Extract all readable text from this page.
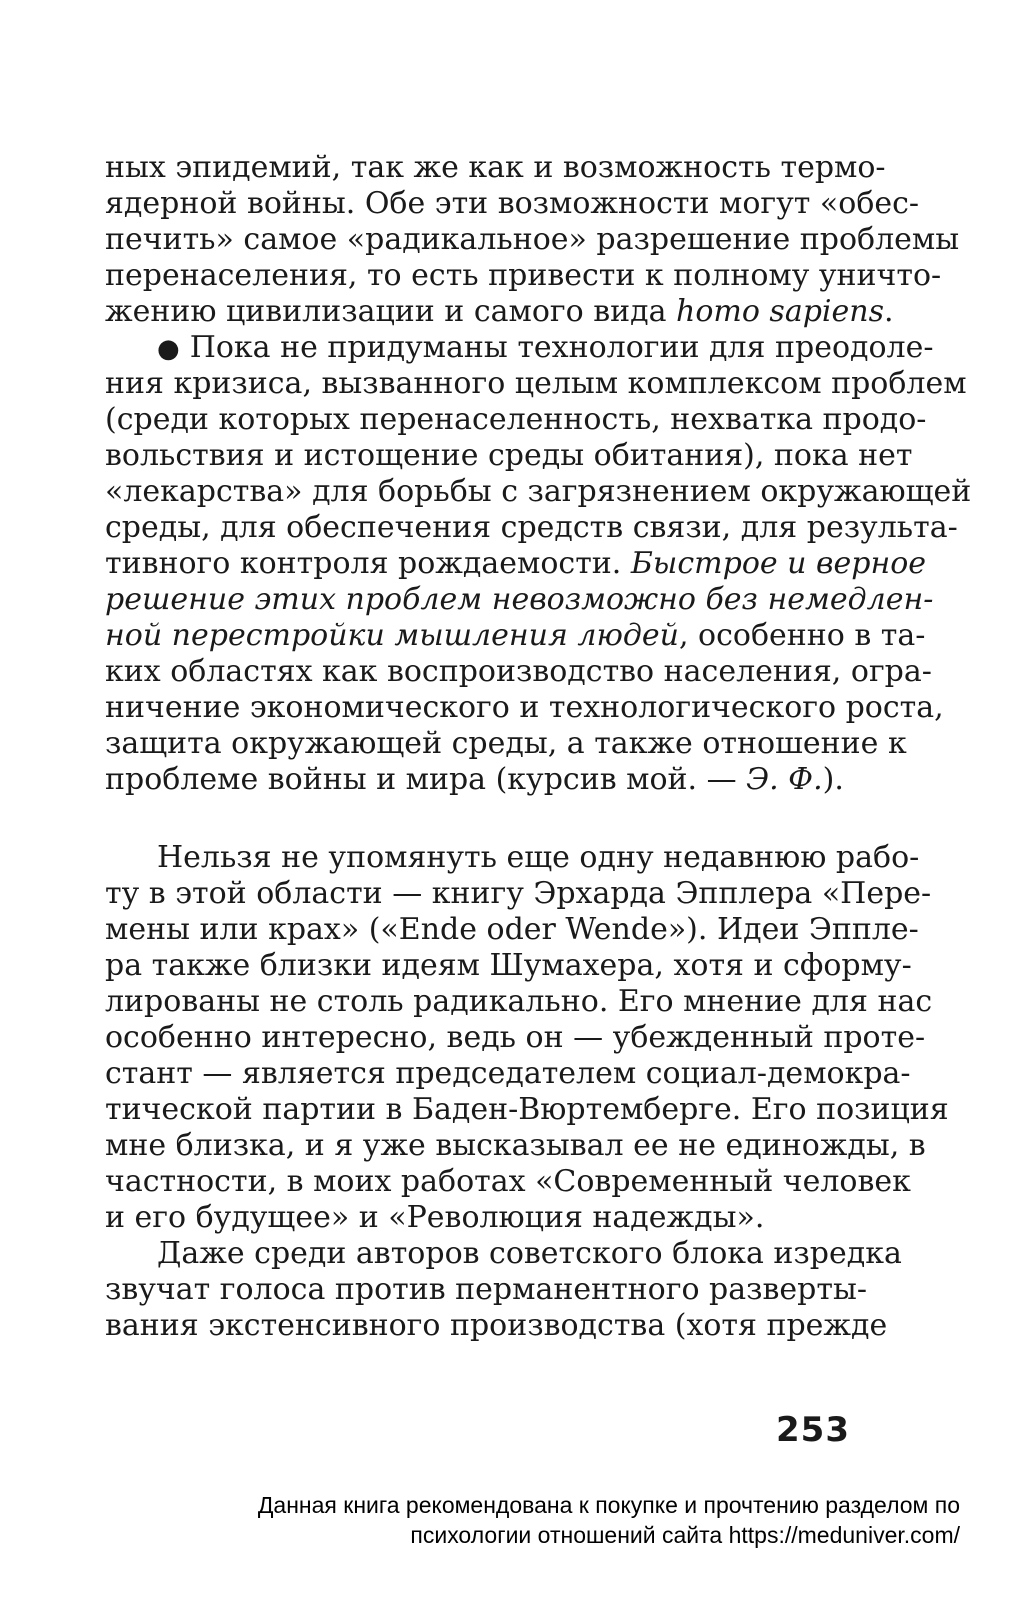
ных эпидемий, так же как и возможность термо-
ядерной войны. Обе эти возможности могут «обес-
печить» самое «радикальное» разрешение проблемы
перенаселения, то есть привести к полному уничто-
жению цивилизации и самого вида homo sapiens.
● Пока не придуманы технологии для преодоле-
ния кризиса, вызванного целым комплексом проблем
(среди которых перенаселенность, нехватка продо-
вольствия и истощение среды обитания), пока нет
«лекарства» для борьбы с загрязнением окружающей
среды, для обеспечения средств связи, для результа-
тивного контроля рождаемости. Быстрое и верное
решение этих проблем невозможно без немедлен-
ной перестройки мышления людей, особенно в та-
ких областях как воспроизводство населения, огра-
ничение экономического и технологического роста,
защита окружающей среды, а также отношение к
проблеме войны и мира (курсив мой. — Э. Ф.).
Нельзя не упомянуть еще одну недавнюю рабо-
ту в этой области — книгу Эрхарда Эпплера «Пере-
мены или крах» («Ende oder Wende»). Идеи Эппле-
ра также близки идеям Шумахера, хотя и сформу-
лированы не столь радикально. Его мнение для нас
особенно интересно, ведь он — убежденный проте-
стант — является председателем социал-демокра-
тической партии в Баден-Вюртемберге. Его позиция
мне близка, и я уже высказывал ее не единожды, в
частности, в моих работах «Современный человек
и его будущее» и «Революция надежды».
Даже среди авторов советского блока изредка
звучат голоса против перманентного разверты-
вания экстенсивного производства (хотя прежде
253
Данная книга рекомендована к покупке и прочтению разделом по
психологии отношений сайта https://meduniver.com/
